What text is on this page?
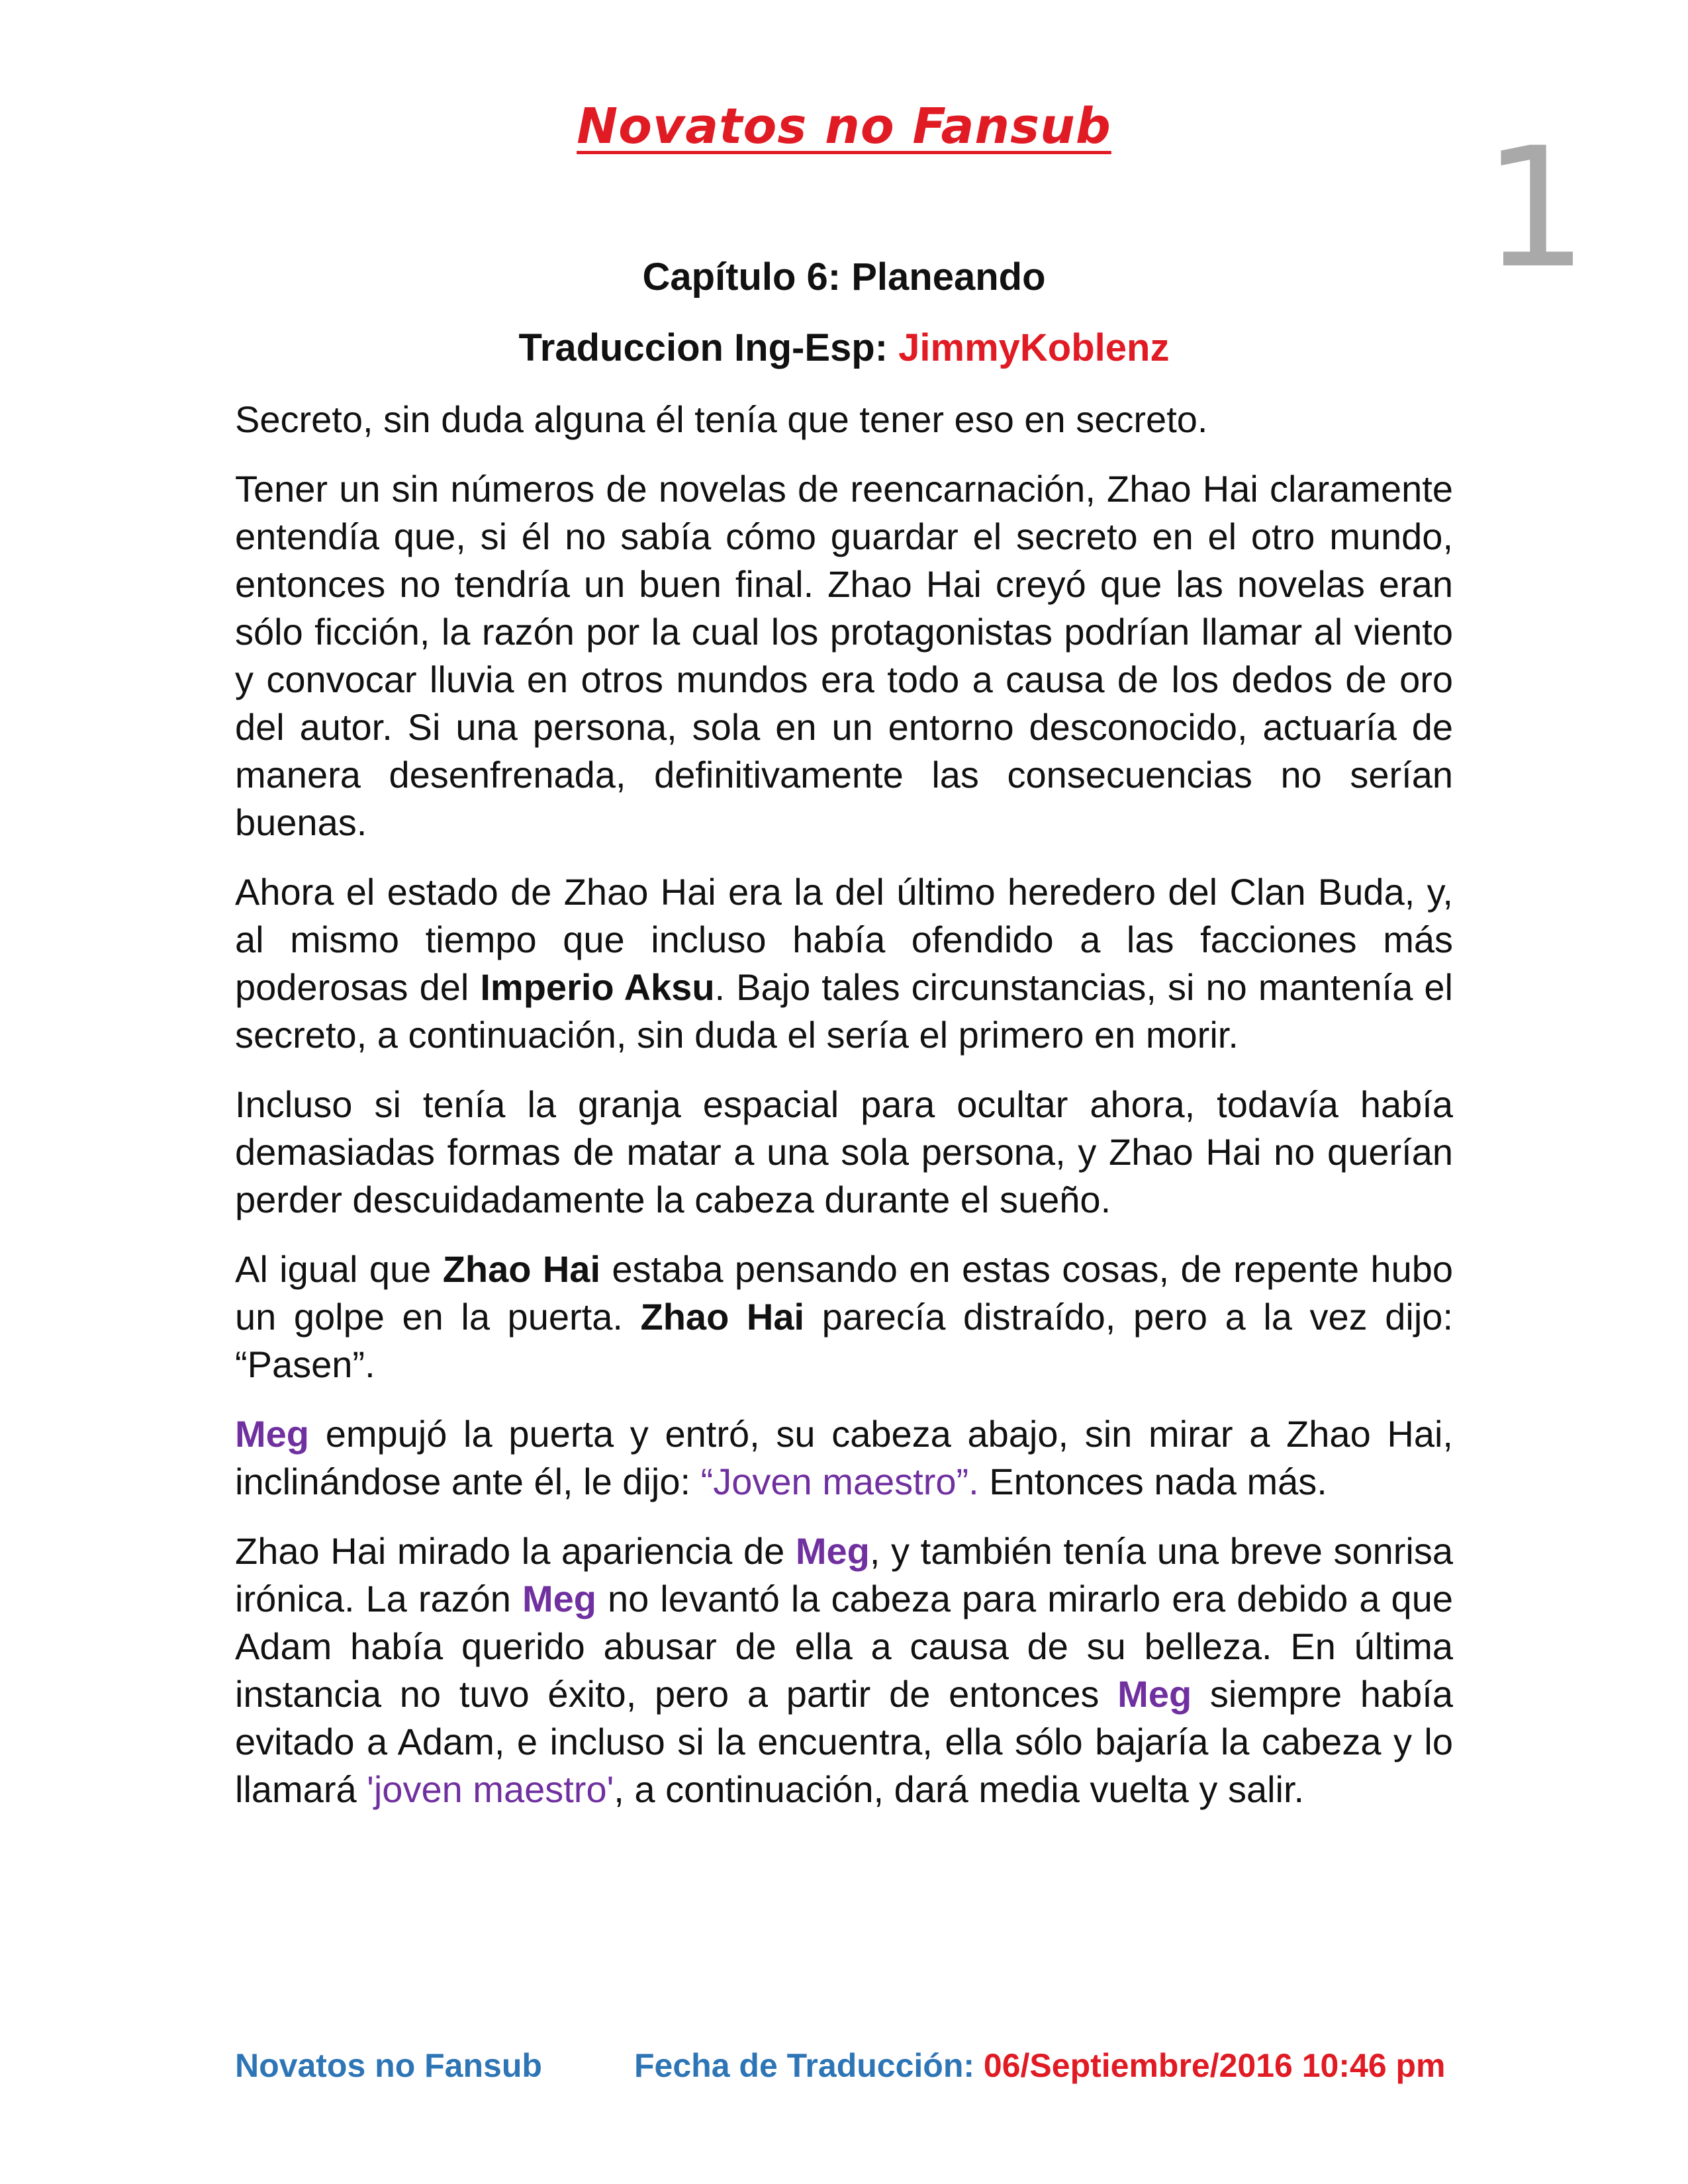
Novatos no Fansub	1
Capítulo 6: Planeando
Traduccion Ing-Esp: JimmyKoblenz

Secreto, sin duda alguna él tenía que tener eso en secreto.

Tener un sin números de novelas de reencarnación, Zhao Hai claramente entendía que, si él no sabía cómo guardar el secreto en el otro mundo, entonces no tendría un buen final. Zhao Hai creyó que las novelas eran sólo ficción, la razón por la cual los protagonistas podrían llamar al viento y convocar lluvia en otros mundos era todo a causa de los dedos de oro del autor. Si una persona, sola en un entorno desconocido, actuaría de manera desenfrenada, definitivamente las consecuencias no serían buenas.

Ahora el estado de Zhao Hai era la del último heredero del Clan Buda, y, al mismo tiempo que incluso había ofendido a las facciones más poderosas del Imperio Aksu. Bajo tales circunstancias, si no mantenía el secreto, a continuación, sin duda el sería el primero en morir.

Incluso si tenía la granja espacial para ocultar ahora, todavía había demasiadas formas de matar a una sola persona, y Zhao Hai no querían perder descuidadamente la cabeza durante el sueño.

Al igual que Zhao Hai estaba pensando en estas cosas, de repente hubo un golpe en la puerta. Zhao Hai parecía distraído, pero a la vez dijo: “Pasen”.

Meg empujó la puerta y entró, su cabeza abajo, sin mirar a Zhao Hai, inclinándose ante él, le dijo: “Joven maestro”. Entonces nada más.

Zhao Hai mirado la apariencia de Meg, y también tenía una breve sonrisa irónica. La razón Meg no levantó la cabeza para mirarlo era debido a que Adam había querido abusar de ella a causa de su belleza. En última instancia no tuvo éxito, pero a partir de entonces Meg siempre había evitado a Adam, e incluso si la encuentra, ella sólo bajaría la cabeza y lo llamará 'joven maestro', a continuación, dará media vuelta y salir.

Novatos no Fansub	Fecha de Traducción: 06/Septiembre/2016 10:46 pm
